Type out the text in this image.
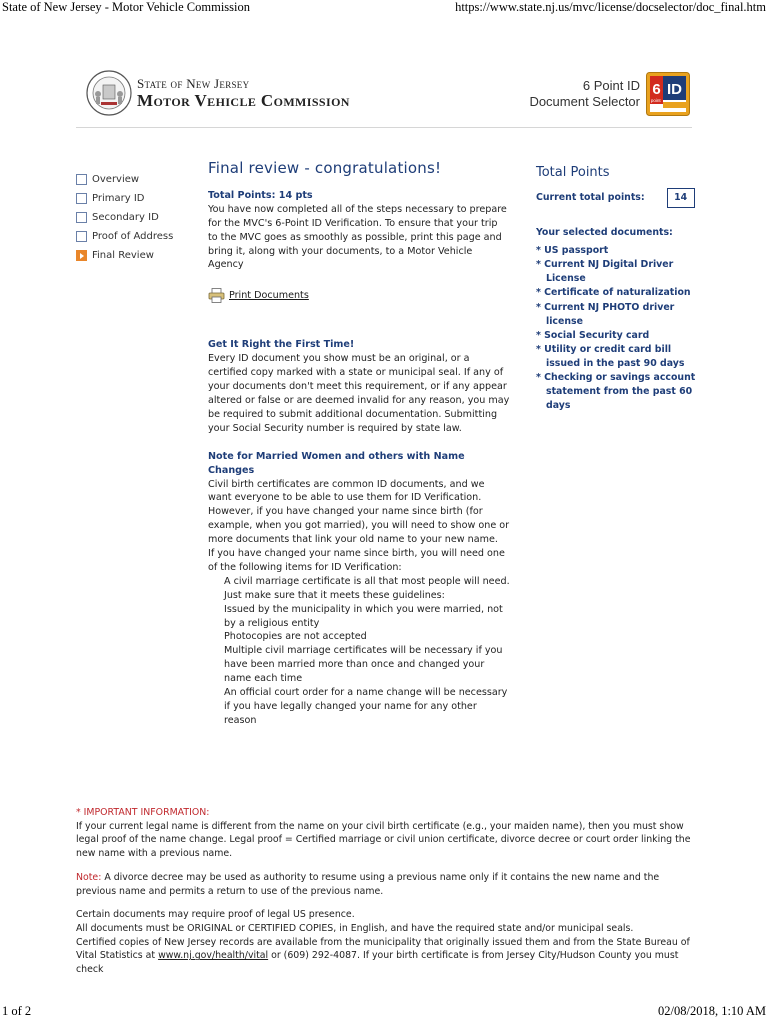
State of New Jersey - Motor Vehicle Commission	https://www.state.nj.us/mvc/license/docselector/doc_final.htm
State of New Jersey
Motor Vehicle Commission
6 Point ID
Document Selector
6
point
ID
Overview
Primary ID
Secondary ID
Proof of Address
Final Review
Final review - congratulations!
Total Points: 14 pts

You have now completed all of the steps necessary to prepare for the MVC's 6-Point ID Verification. To ensure that your trip to the MVC goes as smoothly as possible, print this page and bring it, along with your documents, to a Motor Vehicle Agency

Print Documents
Get It Right the First Time!

Every ID document you show must be an original, or a certified copy marked with a state or municipal seal. If any of your documents don't meet this requirement, or if any appear altered or false or are deemed invalid for any reason, you may be required to submit additional documentation. Submitting your Social Security number is required by state law.

Note for Married Women and others with Name Changes

Civil birth certificates are common ID documents, and we want everyone to be able to use them for ID Verification. However, if you have changed your name since birth (for example, when you got married), you will need to show one or more documents that link your old name to your new name.

If you have changed your name since birth, you will need one of the following items for ID Verification:

A civil marriage certificate is all that most people will need. Just make sure that it meets these guidelines:

Issued by the municipality in which you were married, not by a religious entity

Photocopies are not accepted

Multiple civil marriage certificates will be necessary if you have been married more than once and changed your name each time

An official court order for a name change will be necessary if you have legally changed your name for any other reason

Total Points
Current total points:	14
Your selected documents:
* US passport
* Current NJ Digital Driver License
* Certificate of naturalization
* Current NJ PHOTO driver license
* Social Security card
* Utility or credit card bill issued in the past 90 days
* Checking or savings account statement from the past 60 days
* IMPORTANT INFORMATION:

If your current legal name is different from the name on your civil birth certificate (e.g., your maiden name), then you must show legal proof of the name change. Legal proof = Certified marriage or civil union certificate, divorce decree or court order linking the new name with a previous name.

Note: A divorce decree may be used as authority to resume using a previous name only if it contains the new name and the previous name and permits a return to use of the previous name.

Certain documents may require proof of legal US presence.

All documents must be ORIGINAL or CERTIFIED COPIES, in English, and have the required state and/or municipal seals.

Certified copies of New Jersey records are available from the municipality that originally issued them and from the State Bureau of Vital Statistics at www.nj.gov/health/vital or (609) 292-4087. If your birth certificate is from Jersey City/Hudson County you must check

1 of 2	02/08/2018, 1:10 AM
